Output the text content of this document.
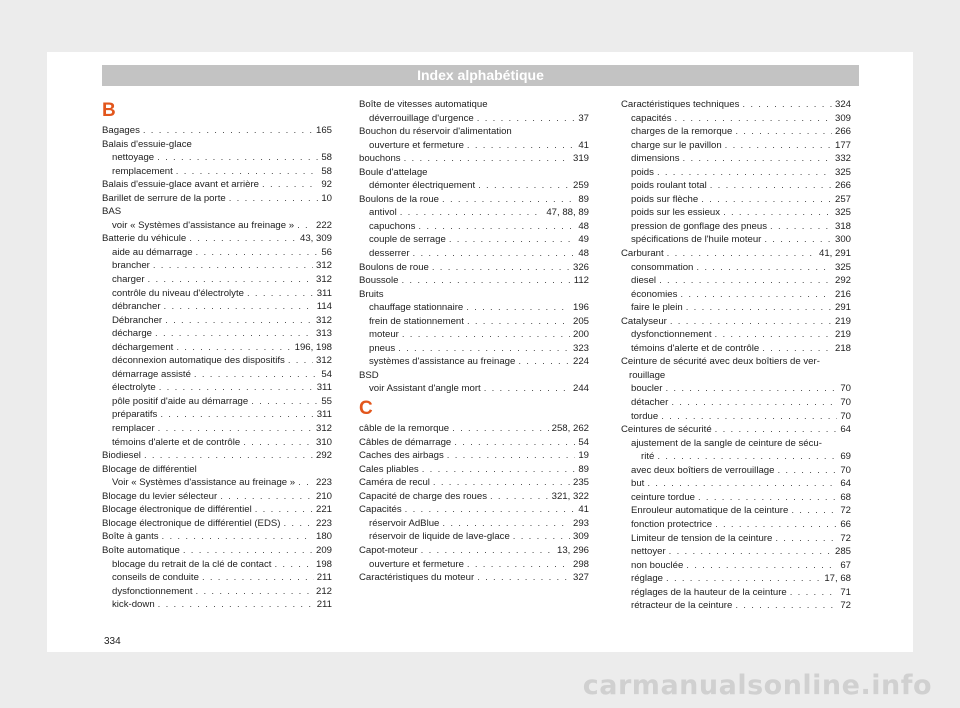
Index alphabétique
B
Bagages . . .	165
Balais d'essuie-glace
nettoyage . . .	58
remplacement . . .	58
Balais d'essuie-glace avant et arrière . . .	92
Barillet de serrure de la porte . . .	10
BAS
voir « Systèmes d'assistance au freinage » . . . 222
Batterie du véhicule . . .	43, 309
aide au démarrage . . .	56
brancher . . .	312
charger . . .	312
contrôle du niveau d'électrolyte . . .	311
débrancher . . .	114
Débrancher . . .	312
décharge . . .	313
déchargement . . .	196, 198
déconnexion automatique des dispositifs . . .	312
démarrage assisté . . .	54
électrolyte . . .	311
pôle positif d'aide au démarrage . . .	55
préparatifs . . .	311
remplacer . . .	312
témoins d'alerte et de contrôle . . .	310
Biodiesel . . .	292
Blocage de différentiel
Voir « Systèmes d'assistance au freinage » . . . 223
Blocage du levier sélecteur . . .	210
Blocage électronique de différentiel . . .	221
Blocage électronique de différentiel (EDS) . . .	223
Boîte à gants . . .	180
Boîte automatique . . .	209
blocage du retrait de la clé de contact . . .	198
conseils de conduite . . .	211
dysfonctionnement . . .	212
kick-down . . .	211
Boîte de vitesses automatique
déverrouillage d'urgence . . .	37
Bouchon du réservoir d'alimentation
ouverture et fermeture . . .	41
bouchons . . .	319
Boule d'attelage
démonter électriquement . . .	259
Boulons de la roue . . .	89
antivol . . .	47, 88, 89
capuchons . . .	48
couple de serrage . . .	49
desserrer . . .	48
Boulons de roue . . .	326
Boussole . . .	112
Bruits
chauffage stationnaire . . .	196
frein de stationnement . . .	205
moteur . . .	200
pneus . . .	323
systèmes d'assistance au freinage . . .	224
BSD
voir Assistant d'angle mort . . .	244
C
câble de la remorque . . .	258, 262
Câbles de démarrage . . .	54
Caches des airbags . . .	19
Cales pliables . . .	89
Caméra de recul . . .	235
Capacité de charge des roues . . .	321, 322
Capacités . . .	41
réservoir AdBlue . . .	293
réservoir de liquide de lave-glace . . .	309
Capot-moteur . . .	13, 296
ouverture et fermeture . . .	298
Caractéristiques du moteur . . .	327
Caractéristiques techniques . . .	324
capacités . . .	309
charges de la remorque . . .	266
charge sur le pavillon . . .	177
dimensions . . .	332
poids . . .	325
poids roulant total . . .	266
poids sur flèche . . .	257
poids sur les essieux . . .	325
pression de gonflage des pneus . . .	318
spécifications de l'huile moteur . . .	300
Carburant . . .	41, 291
consommation . . .	325
diesel . . .	292
économies . . .	216
faire le plein . . .	291
Catalyseur . . .	219
dysfonctionnement . . .	219
témoins d'alerte et de contrôle . . .	218
Ceinture de sécurité avec deux boîtiers de ver-   rouillage
boucler . . .	70
détacher . . .	70
tordue . . .	70
Ceintures de sécurité . . .	64
ajustement de la sangle de ceinture de sécu-
rité . . .	69
avec deux boîtiers de verrouillage . . .	70
but . . .	64
ceinture tordue . . .	68
Enrouleur automatique de la ceinture . . .	72
fonction protectrice . . .	66
Limiteur de tension de la ceinture . . .	72
nettoyer . . .	285
non bouclée . . .	67
réglage . . .	17, 68
réglages de la hauteur de la ceinture . . .	71
rétracteur de la ceinture . . .	72
334
carmanualsonline.info
